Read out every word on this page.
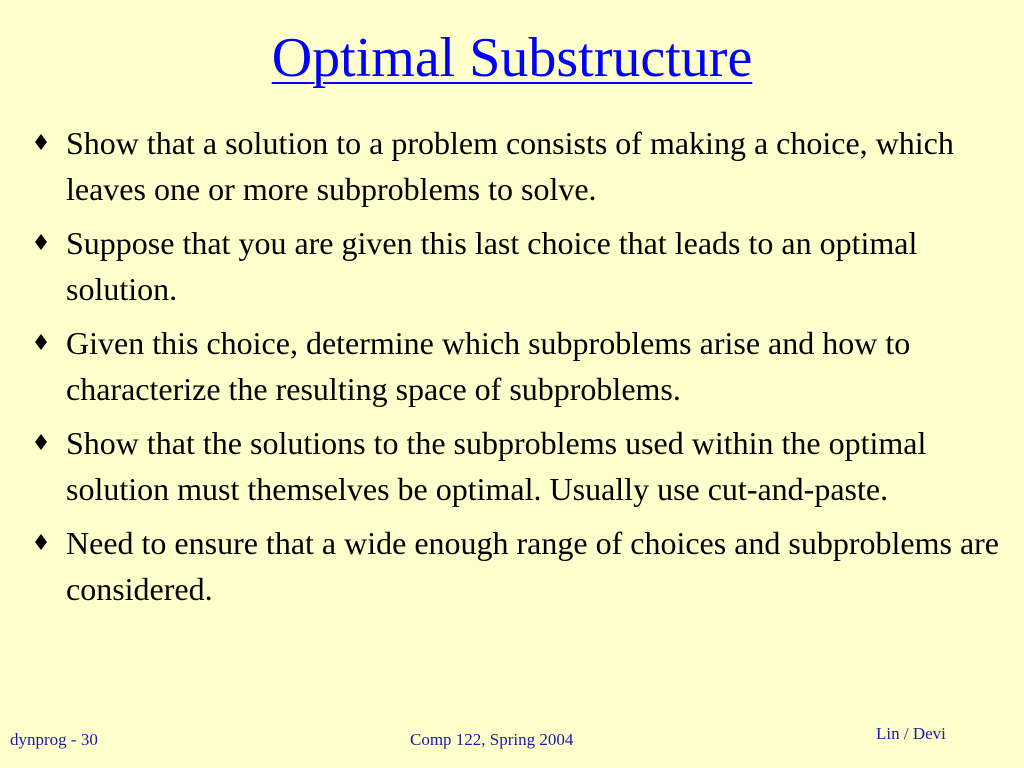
Optimal Substructure
Show that a solution to a problem consists of making a choice, which leaves one or more subproblems to solve.
Suppose that you are given this last choice that leads to an optimal solution.
Given this choice, determine which subproblems arise and how to characterize the resulting space of subproblems.
Show that the solutions to the subproblems used within the optimal solution must themselves be optimal. Usually use cut-and-paste.
Need to ensure that a wide enough range of choices and subproblems are considered.
dynprog - 30	Comp 122, Spring 2004	Lin / Devi
